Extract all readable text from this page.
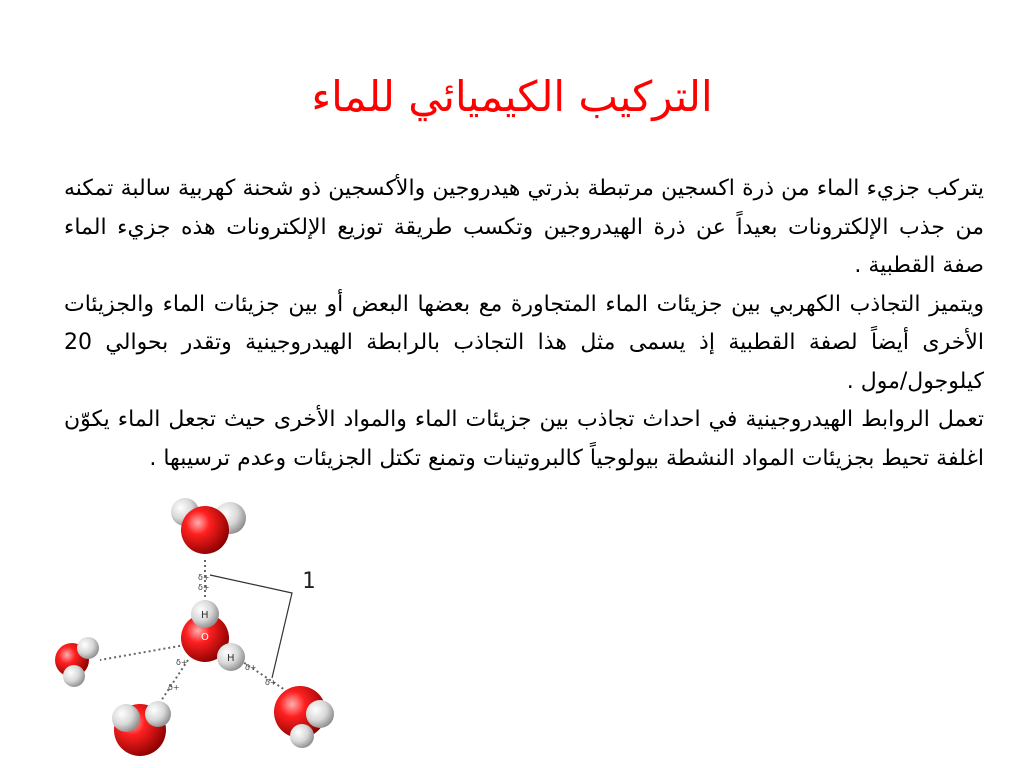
التركيب الكيميائي للماء

يتركب جزيء الماء من ذرة اكسجين مرتبطة بذرتي هيدروجين والأكسجين ذو شحنة كهربية سالبة تمكنه من جذب الإلكترونات بعيداً عن ذرة الهيدروجين وتكسب طريقة توزيع الإلكترونات هذه جزيء الماء صفة القطبية .

ويتميز التجاذب الكهربي بين جزيئات الماء المتجاورة مع بعضها البعض أو بين جزيئات الماء والجزيئات الأخرى أيضاً لصفة القطبية إذ يسمى مثل هذا التجاذب بالرابطة الهيدروجينية وتقدر بحوالي 20 كيلوجول/مول .

تعمل الروابط الهيدروجينية في احداث تجاذب بين جزيئات الماء والمواد الأخرى حيث تجعل الماء يكوّن اغلفة تحيط بجزيئات المواد النشطة بيولوجياً كالبروتينات وتمنع تكتل الجزيئات وعدم ترسيبها .

1
H
O
H
δ+
δ+
δ+
δ+
δ+
δ+
